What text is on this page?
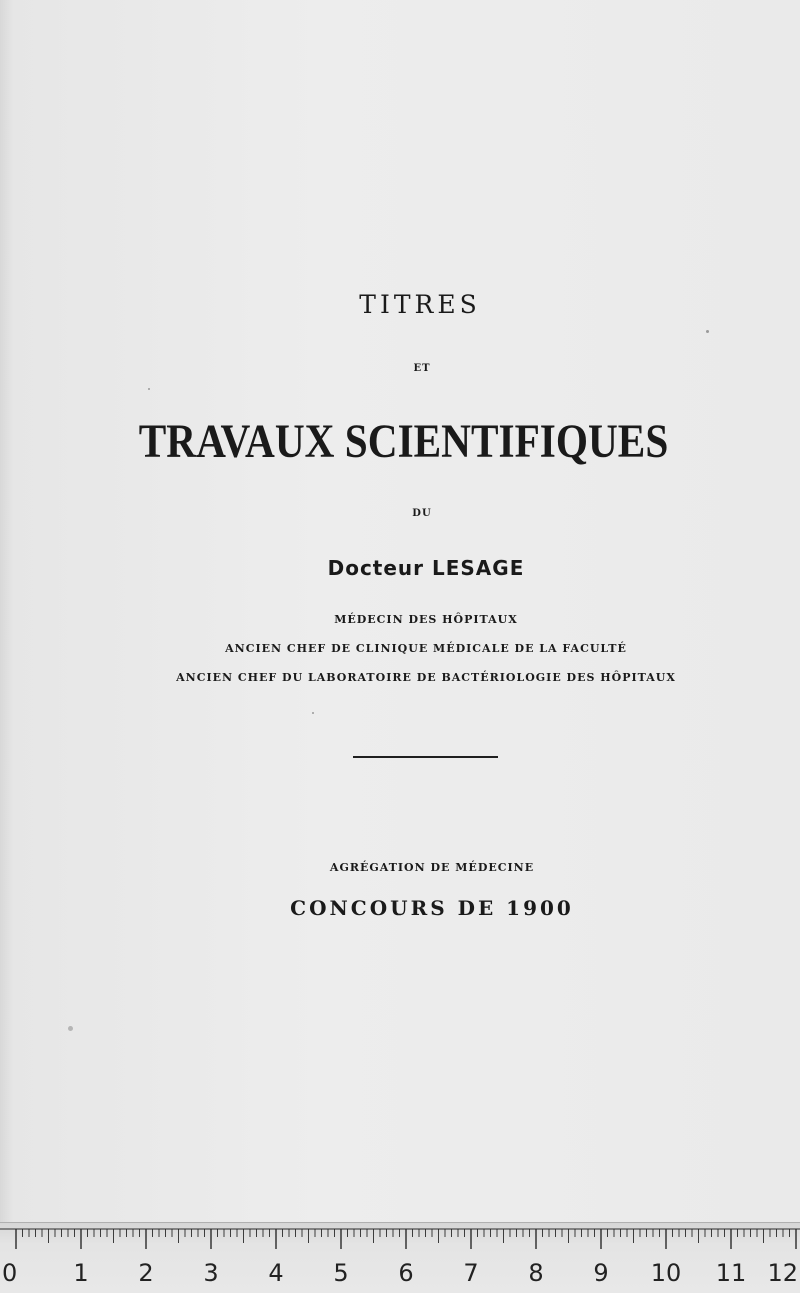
TITRES
ET
TRAVAUX SCIENTIFIQUES
DU
Docteur LESAGE
MÉDECIN DES HÔPITAUX
ANCIEN CHEF DE CLINIQUE MÉDICALE DE LA FACULTÉ
ANCIEN CHEF DU LABORATOIRE DE BACTÉRIOLOGIE DES HÔPITAUX
AGRÉGATION DE MÉDECINE
CONCOURS DE 1900
0 1 2 3 4 5 6 7 8 9 10 11 12
